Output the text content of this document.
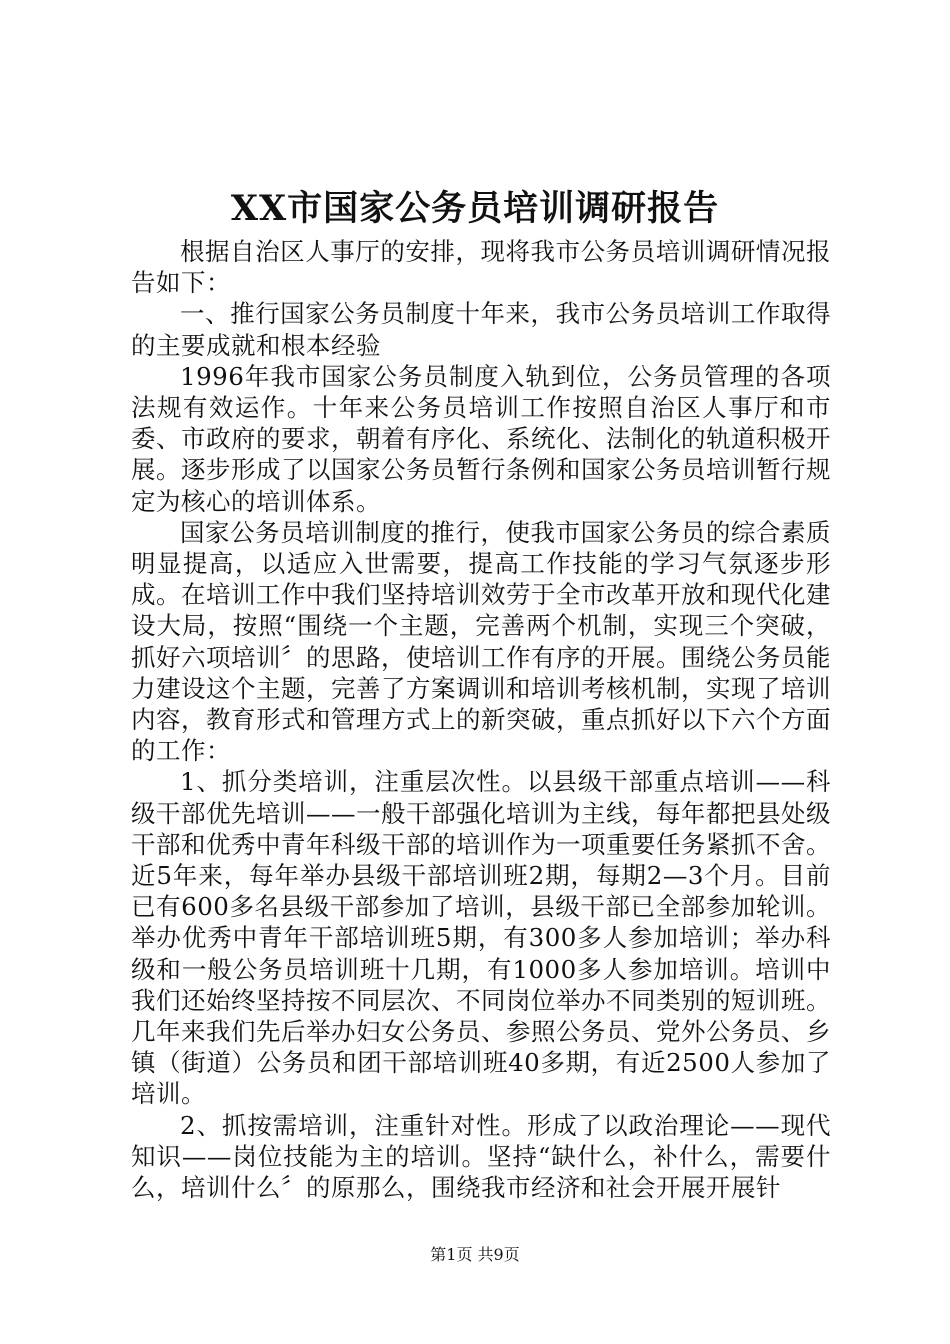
XX市国家公务员培训调研报告

根据自治区人事厅的安排，现将我市公务员培训调研情况报告如下：

一、推行国家公务员制度十年来，我市公务员培训工作取得的主要成就和根本经验

1996年我市国家公务员制度入轨到位，公务员管理的各项法规有效运作。十年来公务员培训工作按照自治区人事厅和市委、市政府的要求，朝着有序化、系统化、法制化的轨道积极开展。逐步形成了以国家公务员暂行条例和国家公务员培训暂行规定为核心的培训体系。

国家公务员培训制度的推行，使我市国家公务员的综合素质明显提高，以适应入世需要，提高工作技能的学习气氛逐步形成。在培训工作中我们坚持培训效劳于全市改革开放和现代化建设大局，按照“围绕一个主题，完善两个机制，实现三个突破，抓好六项培训〞的思路，使培训工作有序的开展。围绕公务员能力建设这个主题，完善了方案调训和培训考核机制，实现了培训内容，教育形式和管理方式上的新突破，重点抓好以下六个方面的工作：

1、抓分类培训，注重层次性。以县级干部重点培训——科级干部优先培训——一般干部强化培训为主线，每年都把县处级干部和优秀中青年科级干部的培训作为一项重要任务紧抓不舍。近5年来，每年举办县级干部培训班2期，每期2—3个月。目前已有600多名县级干部参加了培训，县级干部已全部参加轮训。举办优秀中青年干部培训班5期，有300多人参加培训；举办科级和一般公务员培训班十几期，有1000多人参加培训。培训中我们还始终坚持按不同层次、不同岗位举办不同类别的短训班。几年来我们先后举办妇女公务员、参照公务员、党外公务员、乡镇（街道）公务员和团干部培训班40多期，有近2500人参加了培训。

2、抓按需培训，注重针对性。形成了以政治理论——现代知识——岗位技能为主的培训。坚持“缺什么，补什么，需要什么，培训什么〞的原那么，围绕我市经济和社会开展开展针

第1页 共9页
